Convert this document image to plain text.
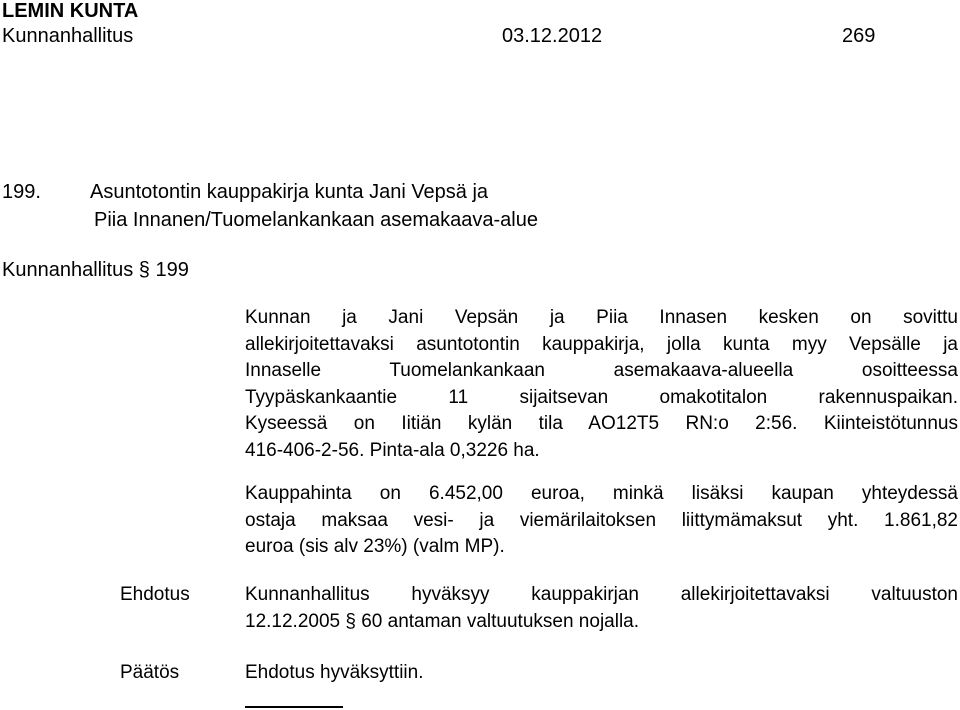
LEMIN KUNTA
Kunnanhallitus	03.12.2012	269
199. Asuntotontin kauppakirja kunta Jani Vepsä ja
Piia Innanen/Tuomelankankaan asemakaava-alue
Kunnanhallitus § 199
Kunnan ja Jani Vepsän ja Piia Innasen kesken on sovittu
allekirjoitettavaksi asuntotontin kauppakirja, jolla kunta myy Vepsälle ja
Innaselle Tuomelankankaan asemakaava-alueella osoitteessa
Tyypäskankaantie 11 sijaitsevan omakotitalon rakennuspaikan.
Kyseessä on Iitiän kylän tila AO12T5 RN:o 2:56. Kiinteistötunnus
416-406-2-56. Pinta-ala 0,3226 ha.
Kauppahinta on 6.452,00 euroa, minkä lisäksi kaupan yhteydessä
ostaja maksaa vesi- ja viemärilaitoksen liittymämaksut yht. 1.861,82
euroa (sis alv 23%) (valm MP).
Ehdotus	Kunnanhallitus hyväksyy kauppakirjan allekirjoitettavaksi valtuuston
12.12.2005 § 60 antaman valtuutuksen nojalla.
Päätös	Ehdotus hyväksyttiin.
